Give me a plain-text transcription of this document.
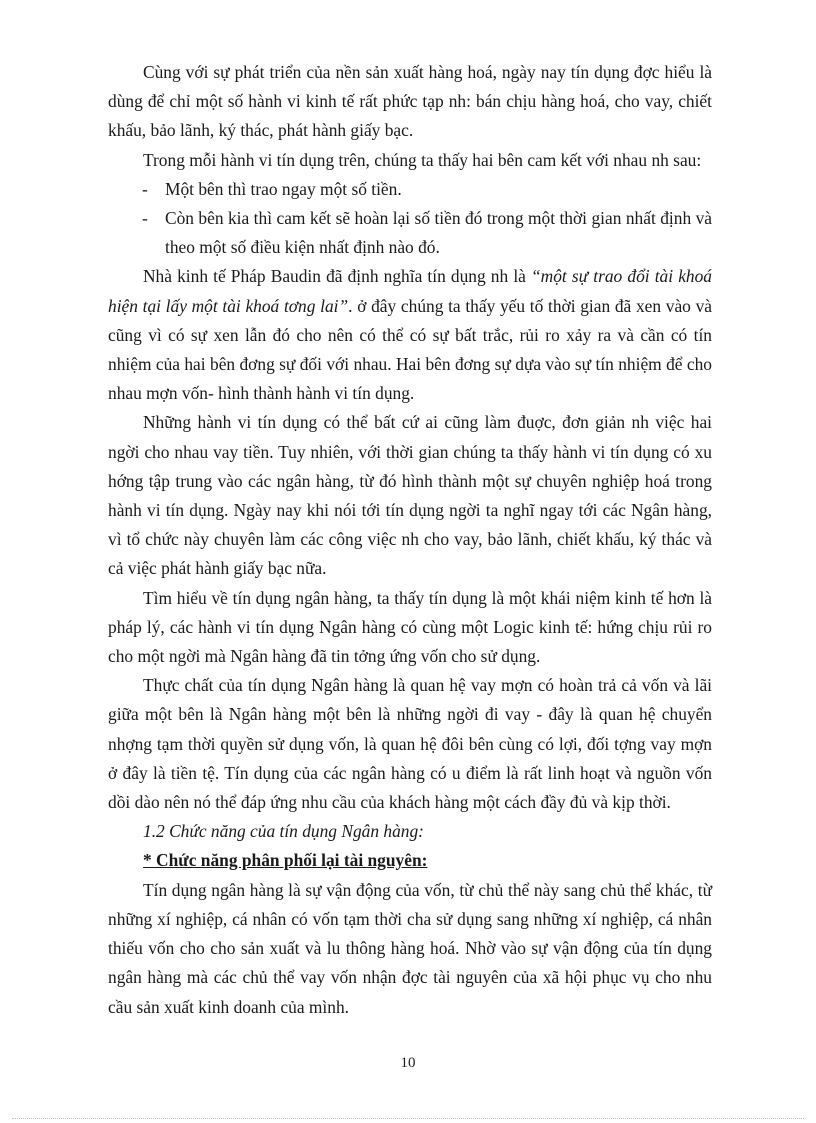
Cùng với sự phát triển của nền sản xuất hàng hoá, ngày nay tín dụng đợc hiểu là dùng để chỉ một số hành vi kinh tế rất phức tạp nh: bán chịu hàng hoá, cho vay, chiết khấu, bảo lãnh, ký thác, phát hành giấy bạc.

Trong mỗi hành vi tín dụng trên, chúng ta thấy hai bên cam kết với nhau nh sau:

- Một bên thì trao ngay một số tiền.

- Còn bên kia thì cam kết sẽ hoàn lại số tiền đó trong một thời gian nhất định và theo một số điều kiện nhất định nào đó.

Nhà kinh tế Pháp Baudin đã định nghĩa tín dụng nh là “một sự trao đổi tài khoá hiện tại lấy một tài khoá tơng lai”. ở đây chúng ta thấy yếu tố thời gian đã xen vào và cũng vì có sự xen lẫn đó cho nên có thể có sự bất trắc, rủi ro xảy ra và cần có tín nhiệm của hai bên đơng sự đối với nhau. Hai bên đơng sự dựa vào sự tín nhiệm để cho nhau mợn vốn- hình thành hành vi tín dụng.

Những hành vi tín dụng có thể bất cứ ai cũng làm đuợc, đơn giản nh việc hai ngời cho nhau vay tiền. Tuy nhiên, với thời gian chúng ta thấy hành vi tín dụng có xu hớng tập trung vào các ngân hàng, từ đó hình thành một sự chuyên nghiệp hoá trong hành vi tín dụng. Ngày nay khi nói tới tín dụng ngời ta nghĩ ngay tới các Ngân hàng, vì tổ chức này chuyên làm các công việc nh cho vay, bảo lãnh, chiết khấu, ký thác và cả việc phát hành giấy bạc nữa.

Tìm hiểu về tín dụng ngân hàng, ta thấy tín dụng là một khái niệm kinh tế hơn là pháp lý, các hành vi tín dụng Ngân hàng có cùng một Logic kinh tế: hứng chịu rủi ro cho một ngời mà Ngân hàng đã tin tởng ứng vốn cho sử dụng.

Thực chất của tín dụng Ngân hàng là quan hệ vay mợn có hoàn trả cả vốn và lãi giữa một bên là Ngân hàng một bên là những ngời đi vay - đây là quan hệ chuyển nhợng tạm thời quyền sử dụng vốn, là quan hệ đôi bên cùng có lợi, đối tợng vay mợn ở đây là tiền tệ. Tín dụng của các ngân hàng có u điểm là rất linh hoạt và nguồn vốn dồi dào nên nó thể đáp ứng nhu cầu của khách hàng một cách đầy đủ và kịp thời.

1.2 Chức năng của tín dụng Ngân hàng:

* Chức năng phân phối lại tài nguyên:

Tín dụng ngân hàng là sự vận động của vốn, từ chủ thể này sang chủ thể khác, từ những xí nghiệp, cá nhân có vốn tạm thời cha sử dụng sang những xí nghiệp, cá nhân thiếu vốn cho cho sản xuất và lu thông hàng hoá. Nhờ vào sự vận động của tín dụng ngân hàng mà các chủ thể vay vốn nhận đợc tài nguyên của xã hội phục vụ cho nhu cầu sản xuất kinh doanh của mình.

10
